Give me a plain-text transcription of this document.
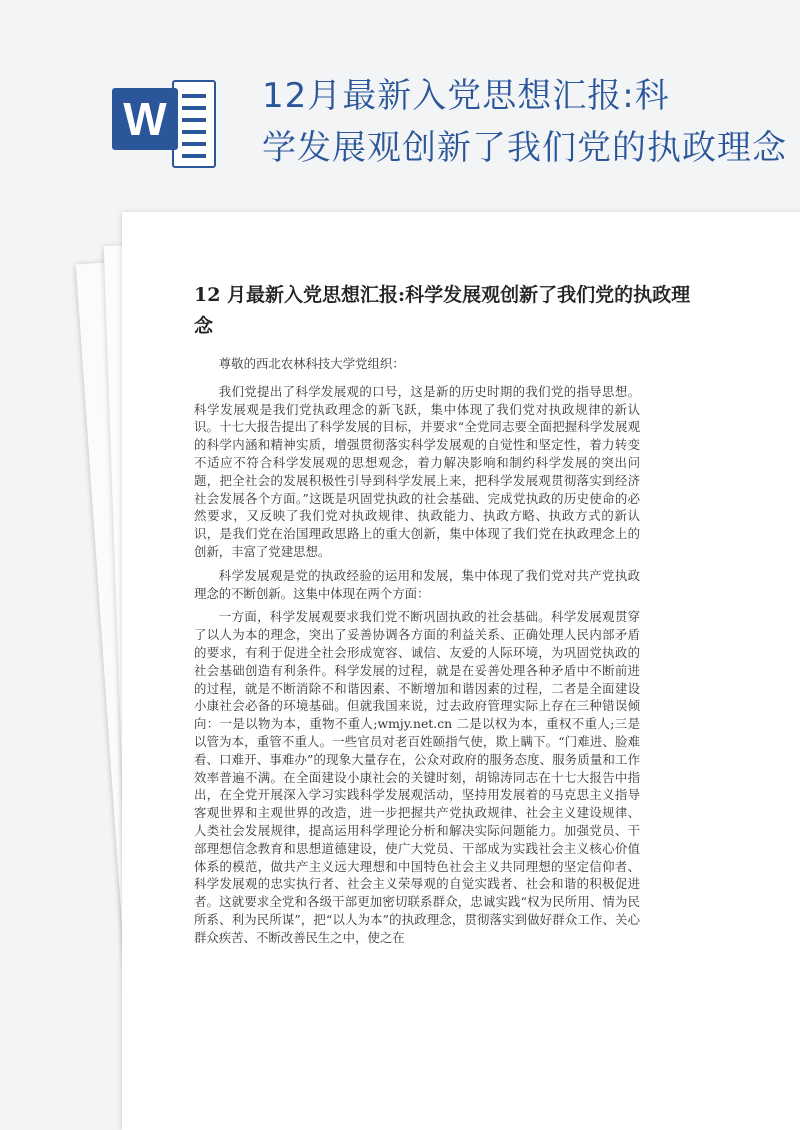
W	12月最新入党思想汇报:科
学发展观创新了我们党的执政理念
12 月最新入党思想汇报:科学发展观创新了我们党的执政理念

尊敬的西北农林科技大学党组织：

我们党提出了科学发展观的口号，这是新的历史时期的我们党的指导思想。科学发展观是我们党执政理念的新飞跃，集中体现了我们党对执政规律的新认识。十七大报告提出了科学发展的目标，并要求“全党同志要全面把握科学发展观的科学内涵和精神实质，增强贯彻落实科学发展观的自觉性和坚定性，着力转变不适应不符合科学发展观的思想观念，着力解决影响和制约科学发展的突出问题，把全社会的发展积极性引导到科学发展上来，把科学发展观贯彻落实到经济社会发展各个方面。”这既是巩固党执政的社会基础、完成党执政的历史使命的必然要求，又反映了我们党对执政规律、执政能力、执政方略、执政方式的新认识，是我们党在治国理政思路上的重大创新，集中体现了我们党在执政理念上的创新，丰富了党建思想。

科学发展观是党的执政经验的运用和发展，集中体现了我们党对共产党执政理念的不断创新。这集中体现在两个方面：

一方面，科学发展观要求我们党不断巩固执政的社会基础。科学发展观贯穿了以人为本的理念，突出了妥善协调各方面的利益关系、正确处理人民内部矛盾的要求，有利于促进全社会形成宽容、诚信、友爱的人际环境，为巩固党执政的社会基础创造有利条件。科学发展的过程，就是在妥善处理各种矛盾中不断前进的过程，就是不断消除不和谐因素、不断增加和谐因素的过程，二者是全面建设小康社会必备的环境基础。但就我国来说，过去政府管理实际上存在三种错误倾向：一是以物为本，重物不重人;wmjy.net.cn 二是以权为本，重权不重人;三是以管为本，重管不重人。一些官员对老百姓颐指气使，欺上瞒下。“门难进、脸难看、口难开、事难办”的现象大量存在，公众对政府的服务态度、服务质量和工作效率普遍不满。在全面建设小康社会的关键时刻，胡锦涛同志在十七大报告中指出，在全党开展深入学习实践科学发展观活动，坚持用发展着的马克思主义指导客观世界和主观世界的改造，进一步把握共产党执政规律、社会主义建设规律、人类社会发展规律，提高运用科学理论分析和解决实际问题能力。加强党员、干部理想信念教育和思想道德建设，使广大党员、干部成为实践社会主义核心价值体系的模范，做共产主义远大理想和中国特色社会主义共同理想的坚定信仰者、科学发展观的忠实执行者、社会主义荣辱观的自觉实践者、社会和谐的积极促进者。这就要求全党和各级干部更加密切联系群众，忠诚实践“权为民所用、情为民所系、利为民所谋”，把“以人为本”的执政理念，贯彻落实到做好群众工作、关心群众疾苦、不断改善民生之中，使之在
